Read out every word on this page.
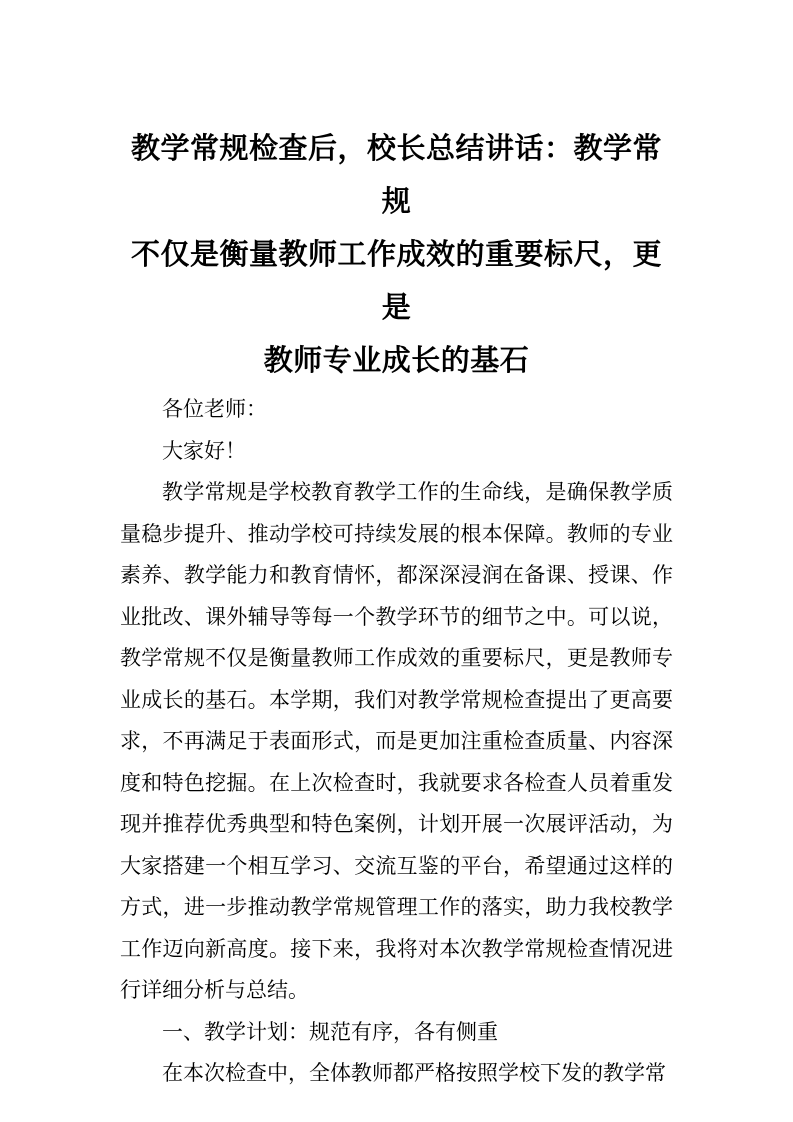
教学常规检查后，校长总结讲话：教学常规
不仅是衡量教师工作成效的重要标尺，更是
教师专业成长的基石

各位老师：

大家好！

教学常规是学校教育教学工作的生命线，是确保教学质量稳步提升、推动学校可持续发展的根本保障。教师的专业素养、教学能力和教育情怀，都深深浸润在备课、授课、作业批改、课外辅导等每一个教学环节的细节之中。可以说，教学常规不仅是衡量教师工作成效的重要标尺，更是教师专业成长的基石。本学期，我们对教学常规检查提出了更高要求，不再满足于表面形式，而是更加注重检查质量、内容深度和特色挖掘。在上次检查时，我就要求各检查人员着重发现并推荐优秀典型和特色案例，计划开展一次展评活动，为大家搭建一个相互学习、交流互鉴的平台，希望通过这样的方式，进一步推动教学常规管理工作的落实，助力我校教学工作迈向新高度。接下来，我将对本次教学常规检查情况进行详细分析与总结。

一、教学计划：规范有序，各有侧重

在本次检查中，全体教师都严格按照学校下发的教学常
